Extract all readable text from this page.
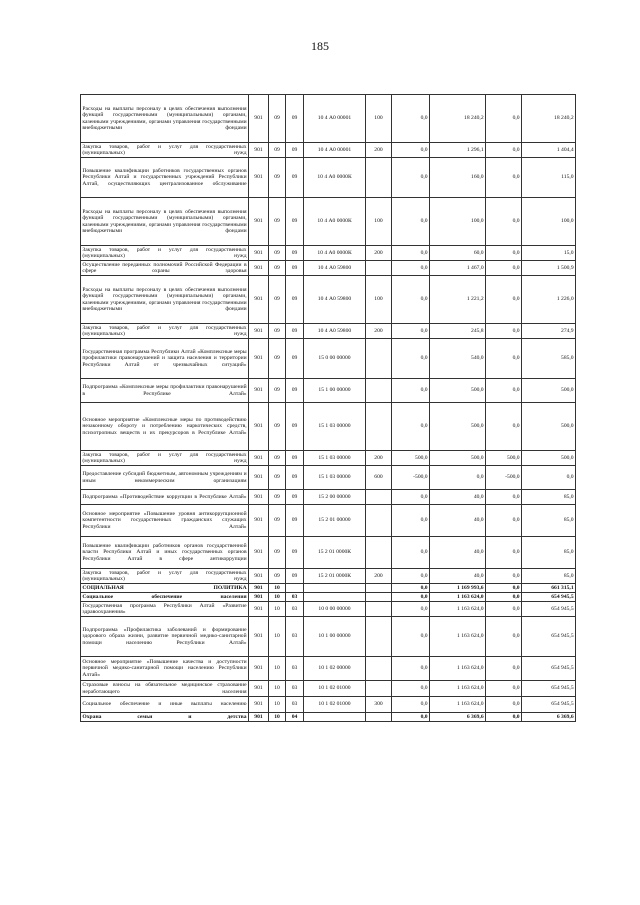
185
Расходы на выплаты персоналу в целях обеспечения выполнения функций государственными (муниципальными) органами, казенными учреждениями, органами управления государственными внебюджетными фондами	901	09	09	10 4 А0 00001	100	0,0	18 240,2	0,0	18 240,2
Закупка товаров, работ и услуг для государственных (муниципальных) нужд	901	09	09	10 4 А0 00001	200	0,0	1 296,1	0,0	1 404,4
Повышение квалификации работников государственных органов Республики Алтай и государственных учреждений Республики Алтай, осуществляющих централизованное обслуживание	901	09	09	10 4 А0 0000К		0,0	160,0	0,0	115,0
Расходы на выплаты персоналу в целях обеспечения выполнения функций государственными (муниципальными) органами, казенными учреждениями, органами управления государственными внебюджетными фондами	901	09	09	10 4 А0 0000К	100	0,0	100,0	0,0	100,0
Закупка товаров, работ и услуг для государственных (муниципальных) нужд	901	09	09	10 4 А0 0000К	200	0,0	60,0	0,0	15,0
Осуществление переданных полномочий Российской Федерации в сфере охраны здоровья	901	09	09	10 4 А0 59800		0,0	1 467,0	0,0	1 500,9
Расходы на выплаты персоналу в целях обеспечения выполнения функций государственными (муниципальными) органами, казенными учреждениями, органами управления государственными внебюджетными фондами	901	09	09	10 4 А0 59800	100	0,0	1 221,2	0,0	1 226,0
Закупка товаров, работ и услуг для государственных (муниципальных) нужд	901	09	09	10 4 А0 59800	200	0,0	245,8	0,0	274,9
Государственная программа Республики Алтай «Комплексные меры профилактики правонарушений и защита населения и территории Республики Алтай от чрезвычайных ситуаций»	901	09	09	15 0 00 00000		0,0	540,0	0,0	585,0
Подпрограмма «Комплексные меры профилактики правонарушений в Республике Алтай»	901	09	09	15 1 00 00000		0,0	500,0	0,0	500,0
Основное мероприятие «Комплексные меры по противодействию незаконному обороту и потреблению наркотических средств, психотропных веществ и их прекурсоров в Республике Алтай»	901	09	09	15 1 03 00000		0,0	500,0	0,0	500,0
Закупка товаров, работ и услуг для государственных (муниципальных) нужд	901	09	09	15 1 03 00000	200	500,0	500,0	500,0	500,0
Предоставление субсидий бюджетным, автономным учреждениям и иным некоммерческим организациям	901	09	09	15 1 03 00000	600	-500,0	0,0	-500,0	0,0
Подпрограмма «Противодействие коррупции в Республике Алтай»	901	09	09	15 2 00 00000		0,0	40,0	0,0	85,0
Основное мероприятие «Повышение уровня антикоррупционной компетентности государственных гражданских служащих Республики Алтай»	901	09	09	15 2 01 00000		0,0	40,0	0,0	85,0
Повышение квалификации работников органов государственной власти Республики Алтай и иных государственных органов Республики Алтай в сфере антикоррупции	901	09	09	15 2 01 0000К		0,0	40,0	0,0	85,0
Закупка товаров, работ и услуг для государственных (муниципальных) нужд	901	09	09	15 2 01 0000К	200	0,0	40,0	0,0	85,0
СОЦИАЛЬНАЯ ПОЛИТИКА	901	10				0,0	1 169 993,6	0,0	661 315,1
Социальное обеспечение населения	901	10	03			0,0	1 163 624,0	0,0	654 945,5
Государственная программа Республики Алтай «Развитие здравоохранения»	901	10	03	10 0 00 00000		0,0	1 163 624,0	0,0	654 945,5
Подпрограмма «Профилактика заболеваний и формирование здорового образа жизни, развитие первичной медико-санитарной помощи населению Республики Алтай»	901	10	03	10 1 00 00000		0,0	1 163 624,0	0,0	654 945,5
Основное мероприятие «Повышение качества и доступности первичной медико-санитарной помощи населению Республики Алтай»	901	10	03	10 1 02 00000		0,0	1 163 624,0	0,0	654 945,5
Страховые взносы на обязательное медицинское страхование неработающего населения	901	10	03	10 1 02 01000		0,0	1 163 624,0	0,0	654 945,5
Социальное обеспечение и иные выплаты населению	901	10	03	10 1 02 01000	300	0,0	1 163 624,0	0,0	654 945,5
Охрана семьи и детства	901	10	04			0,0	6 369,6	0,0	6 369,6
